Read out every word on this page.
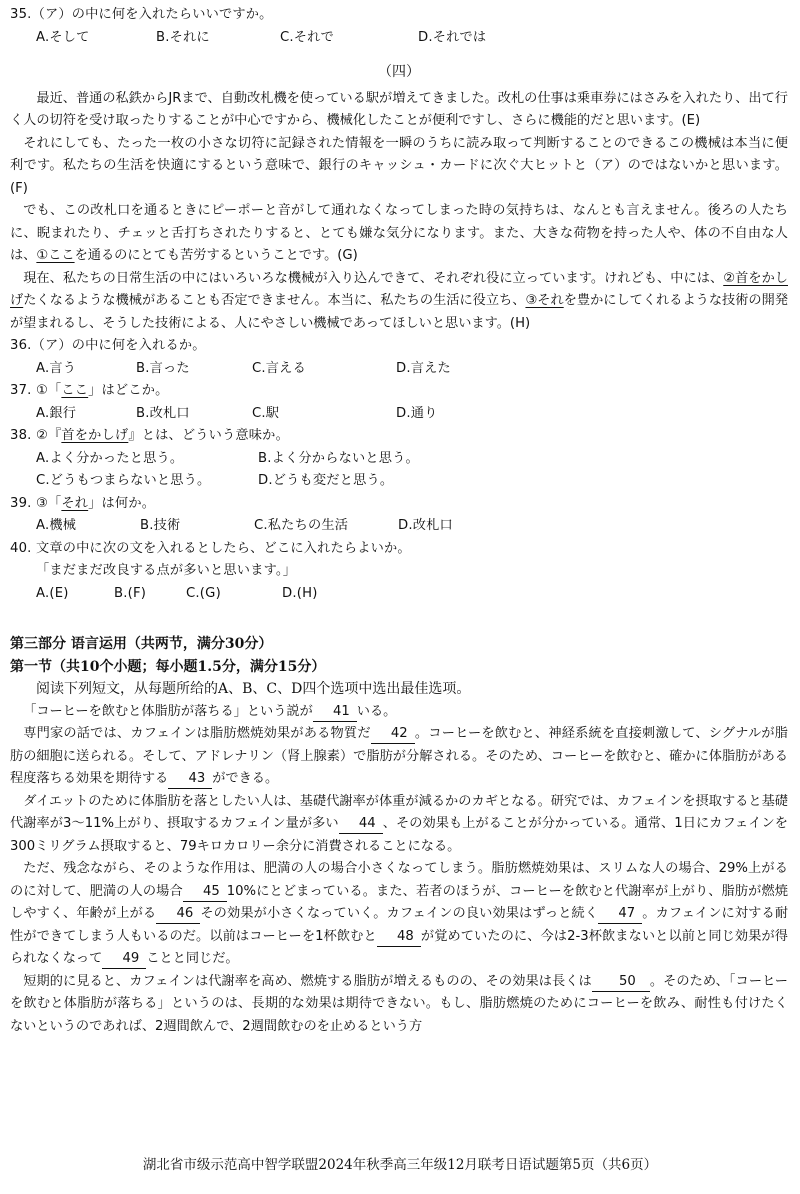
35.（ア）の中に何を入れたらいいですか。
A.そして	B.それに	C.それで	D.それでは
（四）
最近、普通の私鉄からJRまで、自動改札機を使っている駅が増えてきました。改札の仕事は乗車券にはさみを入れたり、出て行く人の切符を受け取ったりすることが中心ですから、機械化したことが便利ですし、さらに機能的だと思います。(E)
それにしても、たった一枚の小さな切符に記録された情報を一瞬のうちに読み取って判断することのできるこの機械は本当に便利です。私たちの生活を快適にするという意味で、銀行のキャッシュ・カードに次ぐ大ヒットと（ア）のではないかと思います。(F)
でも、この改札口を通るときにピーポーと音がして通れなくなってしまった時の気持ちは、なんとも言えません。後ろの人たちに、睨まれたり、チェッと舌打ちされたりすると、とても嫌な気分になります。また、大きな荷物を持った人や、体の不自由な人は、①ここを通るのにとても苦労するということです。(G)
現在、私たちの日常生活の中にはいろいろな機械が入り込んできて、それぞれ役に立っています。けれども、中には、②首をかしげたくなるような機械があることも否定できません。本当に、私たちの生活に役立ち、③それを豊かにしてくれるような技術の開発が望まれるし、そうした技術による、人にやさしい機械であってほしいと思います。(H)
36.（ア）の中に何を入れるか。
A.言う	B.言った	C.言える	D.言えた
37. ①「ここ」はどこか。
A.銀行	B.改札口	C.駅	D.通り
38. ②『首をかしげ』とは、どういう意味か。
A.よく分かったと思う。	B.よく分からないと思う。
C.どうもつまらないと思う。	D.どうも変だと思う。
39. ③「それ」は何か。
A.機械	B.技術	C.私たちの生活	D.改札口
40. 文章の中に次の文を入れるとしたら、どこに入れたらよいか。
「まだまだ改良する点が多いと思います。」
A.(E)	B.(F)	C.(G)	D.(H)
第三部分 语言运用（共两节，满分30分）
第一节（共10个小题；每小题1.5分，满分15分）
阅读下列短文，从每题所给的A、B、C、D四个选项中选出最佳选项。
「コーヒーを飲むと体脂肪が落ちる」という説が 41 いる。
専門家の話では、カフェインは脂肪燃焼効果がある物質だ 42 。コーヒーを飲むと、神経系統を直接刺激して、シグナルが脂肪の細胞に送られる。そして、アドレナリン（肾上腺素）で脂肪が分解される。そのため、コーヒーを飲むと、確かに体脂肪がある程度落ちる効果を期待する 43 ができる。
ダイエットのために体脂肪を落としたい人は、基礎代謝率が体重が減るかのカギとなる。研究では、カフェインを摂取すると基礎代謝率が3～11%上がり、摂取するカフェイン量が多い 44 、その効果も上がることが分かっている。通常、1日にカフェインを300ミリグラム摂取すると、79キロカロリー余分に消費されることになる。
ただ、残念ながら、そのような作用は、肥満の人の場合小さくなってしまう。脂肪燃焼効果は、スリムな人の場合、29%上がるのに対して、肥満の人の場合 45 10%にとどまっている。また、若者のほうが、コーヒーを飲むと代謝率が上がり、脂肪が燃焼しやすく、年齢が上がる 46 その効果が小さくなっていく。カフェインの良い効果はずっと続く 47 。カフェインに対する耐性ができてしまう人もいるのだ。以前はコーヒーを1杯飲むと 48 が覚めていたのに、今は2-3杯飲まないと以前と同じ効果が得られなくなって 49 ことと同じだ。
短期的に見ると、カフェインは代謝率を高め、燃焼する脂肪が増えるものの、その効果は長くは 50 。そのため、「コーヒーを飲むと体脂肪が落ちる」というのは、長期的な効果は期待できない。もし、脂肪燃焼のためにコーヒーを飲み、耐性も付けたくないというのであれば、2週間飲んで、2週間飲むのを止めるという方
湖北省市级示范高中智学联盟2024年秋季高三年级12月联考日语试题第5页（共6页）
